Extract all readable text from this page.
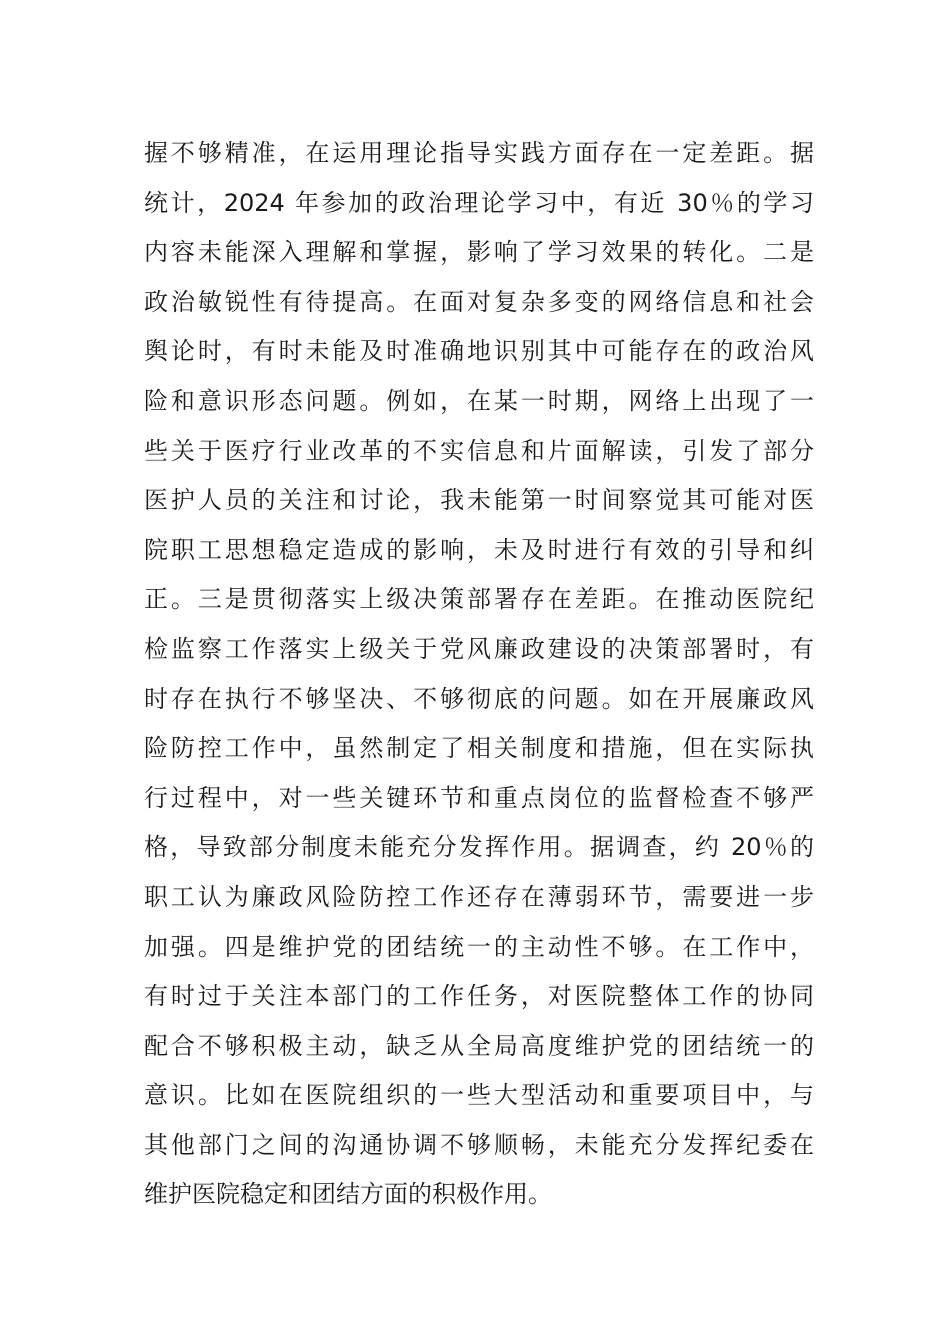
握不够精准，在运用理论指导实践方面存在一定差距。据
统计，2024 年参加的政治理论学习中，有近 30％的学习
内容未能深入理解和掌握，影响了学习效果的转化。二是
政治敏锐性有待提高。在面对复杂多变的网络信息和社会
舆论时，有时未能及时准确地识别其中可能存在的政治风
险和意识形态问题。例如，在某一时期，网络上出现了一
些关于医疗行业改革的不实信息和片面解读，引发了部分
医护人员的关注和讨论，我未能第一时间察觉其可能对医
院职工思想稳定造成的影响，未及时进行有效的引导和纠
正。三是贯彻落实上级决策部署存在差距。在推动医院纪
检监察工作落实上级关于党风廉政建设的决策部署时，有
时存在执行不够坚决、不够彻底的问题。如在开展廉政风
险防控工作中，虽然制定了相关制度和措施，但在实际执
行过程中，对一些关键环节和重点岗位的监督检查不够严
格，导致部分制度未能充分发挥作用。据调查，约 20％的
职工认为廉政风险防控工作还存在薄弱环节，需要进一步
加强。四是维护党的团结统一的主动性不够。在工作中，
有时过于关注本部门的工作任务，对医院整体工作的协同
配合不够积极主动，缺乏从全局高度维护党的团结统一的
意识。比如在医院组织的一些大型活动和重要项目中，与
其他部门之间的沟通协调不够顺畅，未能充分发挥纪委在
维护医院稳定和团结方面的积极作用。
